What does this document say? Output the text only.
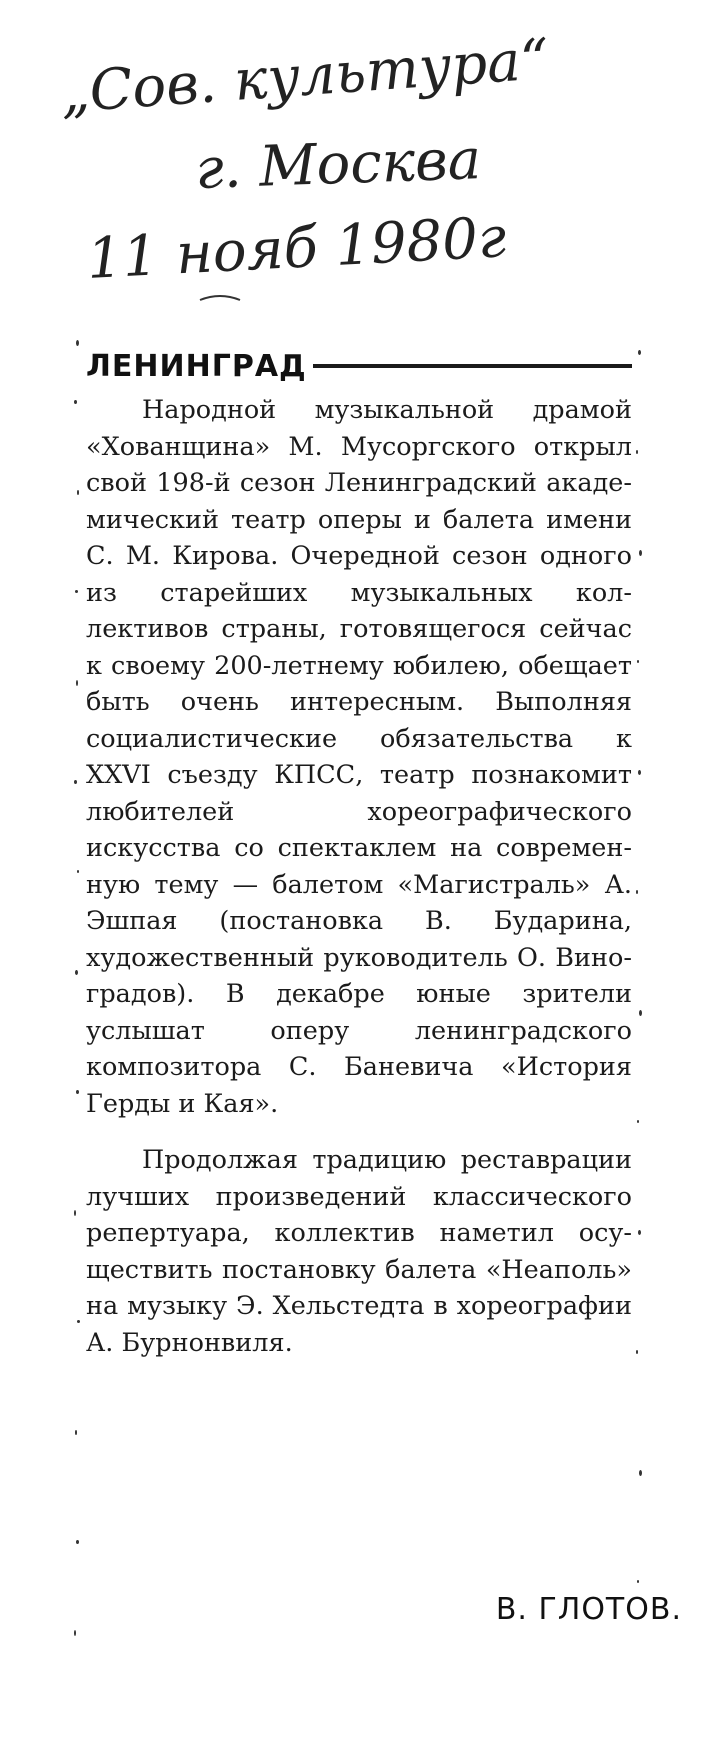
„Сов. культура“
г. Москва
11 нояб 1980г
ЛЕНИНГРАД

Народной музыкальной драмой «Хованщина» М. Мусоргского открыл свой 198-й сезон Ленинградский академический театр оперы и балета имени С. М. Кирова. Очередной сезон одного из старейших музыкальных коллективов страны, готовящегося сейчас к своему 200-летнему юбилею, обещает быть очень интересным. Выполняя социалистические обязательства к XXVI съезду КПСС, театр познакомит любителей хореографического искусства со спектаклем на современную тему — балетом «Магистраль» А. Эшпая (постановка В. Бударина, художественный руководитель О. Виноградов). В декабре юные зрители услышат оперу ленинградского композитора С. Баневича «История Герды и Кая».

Продолжая традицию реставрации лучших произведений классического репертуара, коллектив наметил осуществить постановку балета «Неаполь» на музыку Э. Хельстедта в хореографии А. Бурнонвиля.

В. ГЛОТОВ.
